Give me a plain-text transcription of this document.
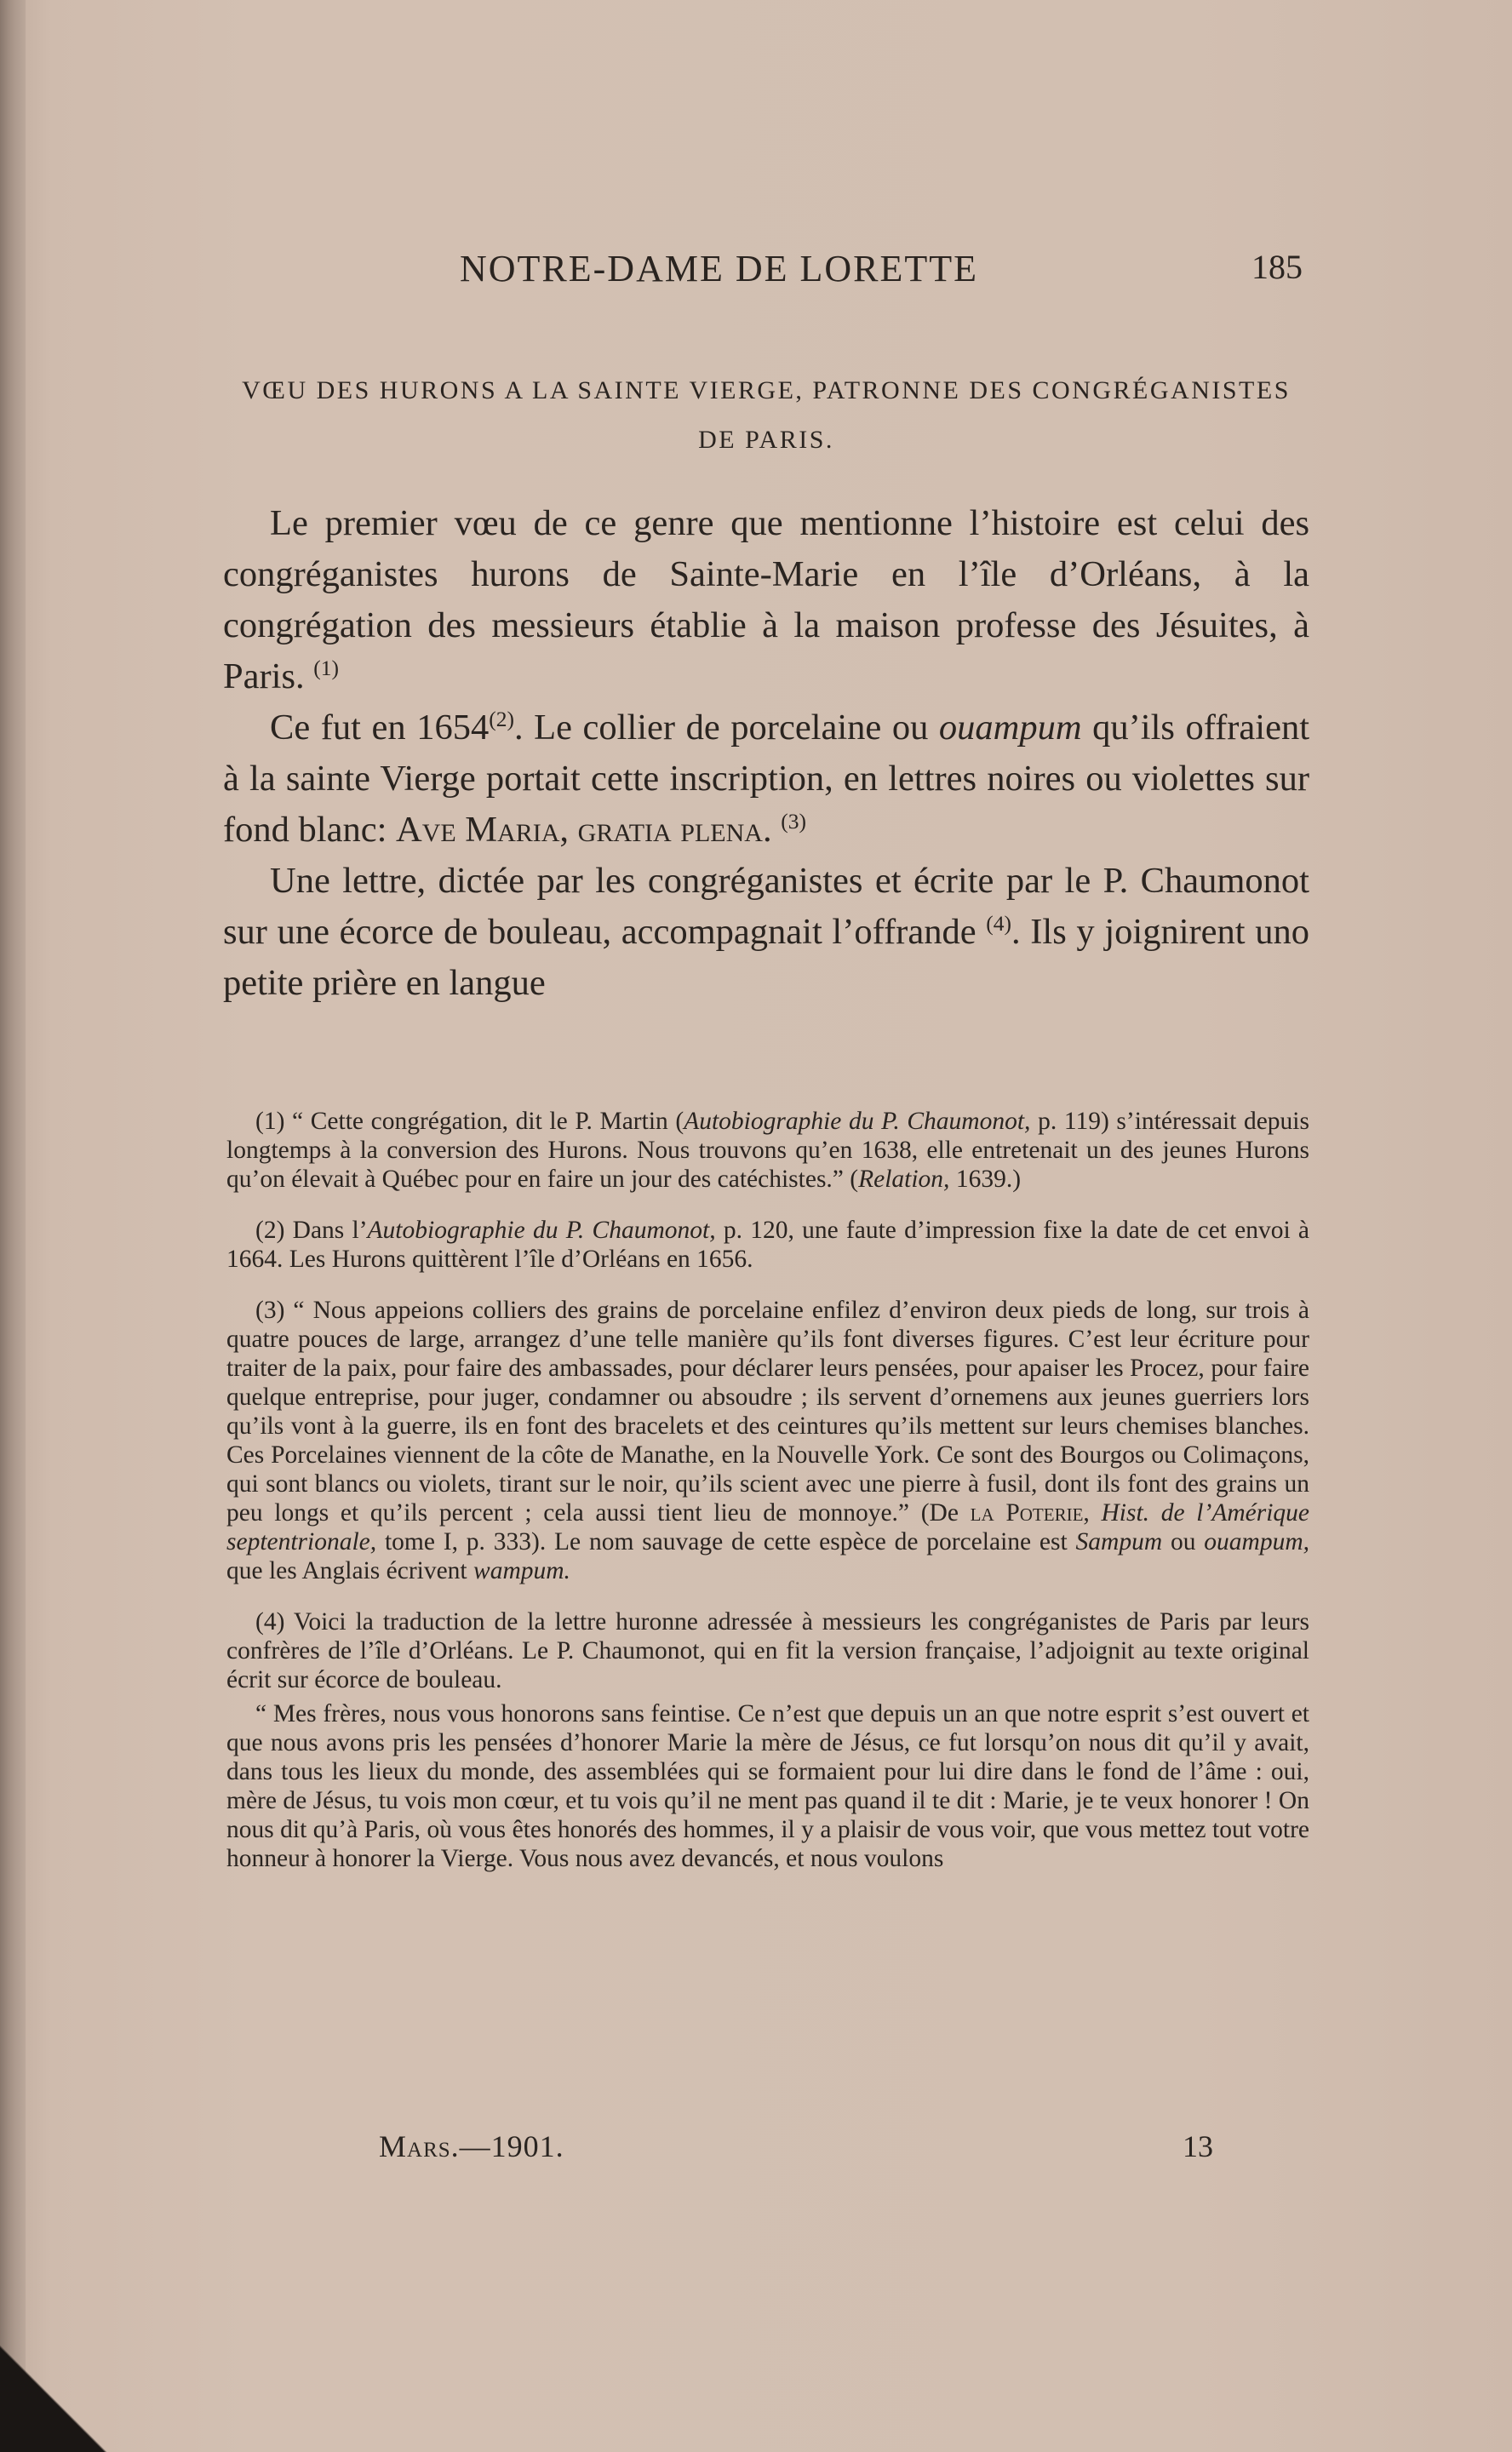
NOTRE-DAME DE LORETTE	185
VŒU DES HURONS A LA SAINTE VIERGE, PATRONNE DES CONGRÉGANISTES DE PARIS.

Le premier vœu de ce genre que mentionne l’histoire est celui des congréganistes hurons de Sainte-Marie en l’île d’Orléans, à la congrégation des messieurs établie à la maison professe des Jésuites, à Paris. $^{(1)}$

Ce fut en 1654$^{(2)}$. Le collier de porcelaine ou ouampum qu’ils offraient à la sainte Vierge portait cette inscription, en lettres noires ou violettes sur fond blanc: Ave Maria, gratia plena. $^{(3)}$

Une lettre, dictée par les congréganistes et écrite par le P. Chaumonot sur une écorce de bouleau, accompagnait l’offrande $^{(4)}$. Ils y joignirent uno petite prière en langue

(1) “ Cette congrégation, dit le P. Martin (Autobiographie du P. Chaumonot, p. 119) s’intéressait depuis longtemps à la conversion des Hurons. Nous trouvons qu’en 1638, elle entretenait un des jeunes Hurons qu’on élevait à Québec pour en faire un jour des catéchistes.” (Relation, 1639.)

(2) Dans l’Autobiographie du P. Chaumonot, p. 120, une faute d’impression fixe la date de cet envoi à 1664. Les Hurons quittèrent l’île d’Orléans en 1656.

(3) “ Nous appeions colliers des grains de porcelaine enfilez d’environ deux pieds de long, sur trois à quatre pouces de large, arrangez d’une telle manière qu’ils font diverses figures. C’est leur écriture pour traiter de la paix, pour faire des ambassades, pour déclarer leurs pensées, pour apaiser les Procez, pour faire quelque entreprise, pour juger, condamner ou absoudre ; ils servent d’ornemens aux jeunes guerriers lors qu’ils vont à la guerre, ils en font des bracelets et des ceintures qu’ils mettent sur leurs chemises blanches. Ces Porcelaines viennent de la côte de Manathe, en la Nouvelle York. Ce sont des Bourgos ou Colimaçons, qui sont blancs ou violets, tirant sur le noir, qu’ils scient avec une pierre à fusil, dont ils font des grains un peu longs et qu’ils percent ; cela aussi tient lieu de monnoye.” (De la Poterie, Hist. de l’Amérique septentrionale, tome I, p. 333). Le nom sauvage de cette espèce de porcelaine est Sampum ou ouampum, que les Anglais écrivent wampum.

(4) Voici la traduction de la lettre huronne adressée à messieurs les congréganistes de Paris par leurs confrères de l’île d’Orléans. Le P. Chaumonot, qui en fit la version française, l’adjoignit au texte original écrit sur écorce de bouleau.

“ Mes frères, nous vous honorons sans feintise. Ce n’est que depuis un an que notre esprit s’est ouvert et que nous avons pris les pensées d’honorer Marie la mère de Jésus, ce fut lorsqu’on nous dit qu’il y avait, dans tous les lieux du monde, des assemblées qui se formaient pour lui dire dans le fond de l’âme : oui, mère de Jésus, tu vois mon cœur, et tu vois qu’il ne ment pas quand il te dit : Marie, je te veux honorer ! On nous dit qu’à Paris, où vous êtes honorés des hommes, il y a plaisir de vous voir, que vous mettez tout votre honneur à honorer la Vierge. Vous nous avez devancés, et nous voulons

Mars.—1901.	13
